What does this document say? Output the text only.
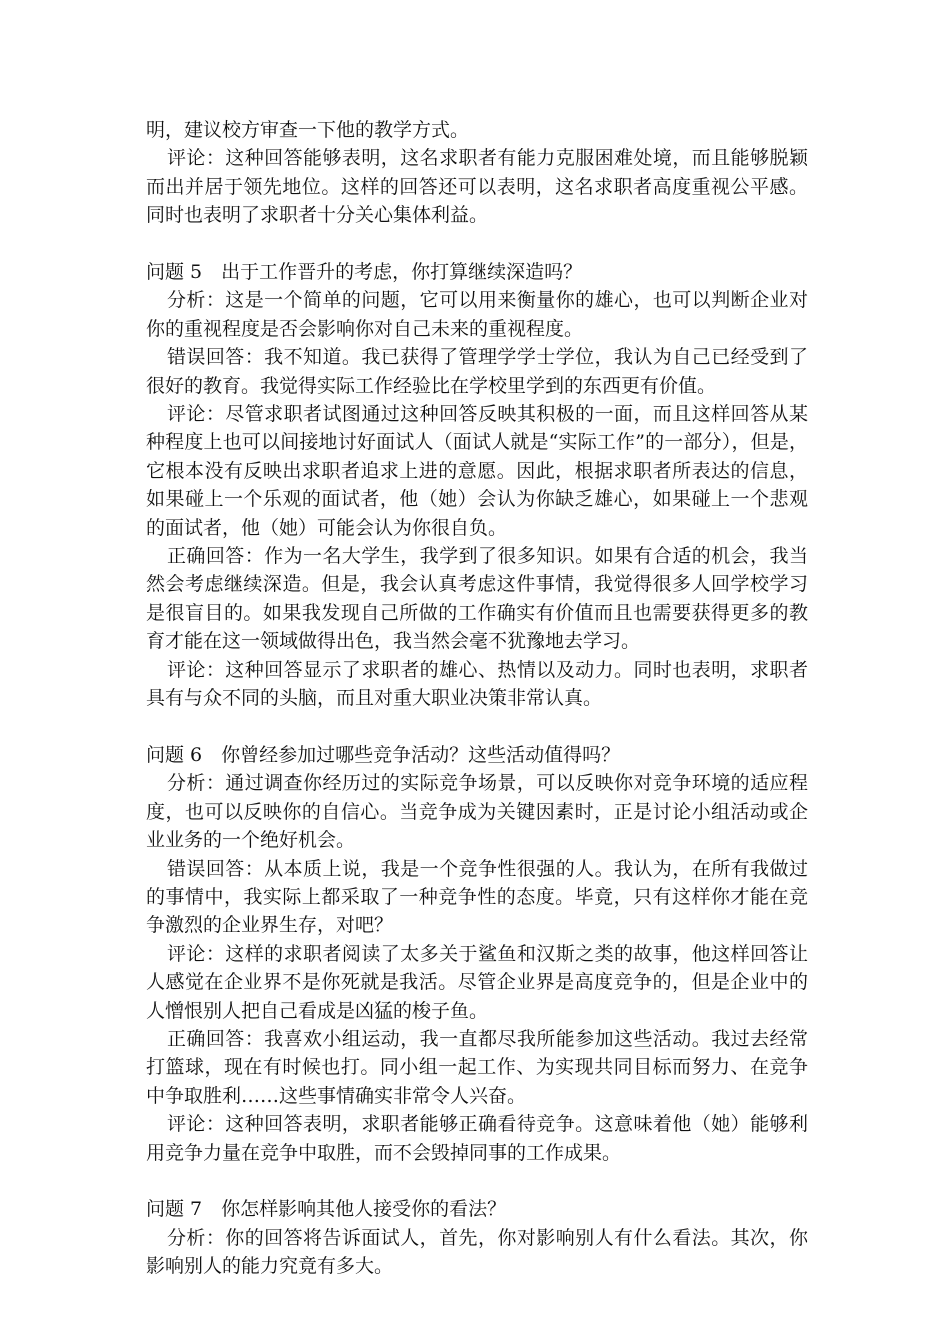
明，建议校方审查一下他的教学方式。

评论：这种回答能够表明，这名求职者有能力克服困难处境，而且能够脱颖而出并居于领先地位。这样的回答还可以表明，这名求职者高度重视公平感。同时也表明了求职者十分关心集体利益。

问题 5　出于工作晋升的考虑，你打算继续深造吗？

分析：这是一个简单的问题，它可以用来衡量你的雄心，也可以判断企业对你的重视程度是否会影响你对自己未来的重视程度。

错误回答：我不知道。我已获得了管理学学士学位，我认为自己已经受到了很好的教育。我觉得实际工作经验比在学校里学到的东西更有价值。

评论：尽管求职者试图通过这种回答反映其积极的一面，而且这样回答从某种程度上也可以间接地讨好面试人（面试人就是“实际工作”的一部分），但是，它根本没有反映出求职者追求上进的意愿。因此，根据求职者所表达的信息，如果碰上一个乐观的面试者，他（她）会认为你缺乏雄心，如果碰上一个悲观的面试者，他（她）可能会认为你很自负。

正确回答：作为一名大学生，我学到了很多知识。如果有合适的机会，我当然会考虑继续深造。但是，我会认真考虑这件事情，我觉得很多人回学校学习是很盲目的。如果我发现自己所做的工作确实有价值而且也需要获得更多的教育才能在这一领域做得出色，我当然会毫不犹豫地去学习。

评论：这种回答显示了求职者的雄心、热情以及动力。同时也表明，求职者具有与众不同的头脑，而且对重大职业决策非常认真。

问题 6　你曾经参加过哪些竞争活动？这些活动值得吗？

分析：通过调查你经历过的实际竞争场景，可以反映你对竞争环境的适应程度，也可以反映你的自信心。当竞争成为关键因素时，正是讨论小组活动或企业业务的一个绝好机会。

错误回答：从本质上说，我是一个竞争性很强的人。我认为，在所有我做过的事情中，我实际上都采取了一种竞争性的态度。毕竟，只有这样你才能在竞争激烈的企业界生存，对吧？

评论：这样的求职者阅读了太多关于鲨鱼和汉斯之类的故事，他这样回答让人感觉在企业界不是你死就是我活。尽管企业界是高度竞争的，但是企业中的人憎恨别人把自己看成是凶猛的梭子鱼。

正确回答：我喜欢小组运动，我一直都尽我所能参加这些活动。我过去经常打篮球，现在有时候也打。同小组一起工作、为实现共同目标而努力、在竞争中争取胜利……这些事情确实非常令人兴奋。

评论：这种回答表明，求职者能够正确看待竞争。这意味着他（她）能够利用竞争力量在竞争中取胜，而不会毁掉同事的工作成果。

问题 7　你怎样影响其他人接受你的看法？

分析：你的回答将告诉面试人，首先，你对影响别人有什么看法。其次，你影响别人的能力究竟有多大。
